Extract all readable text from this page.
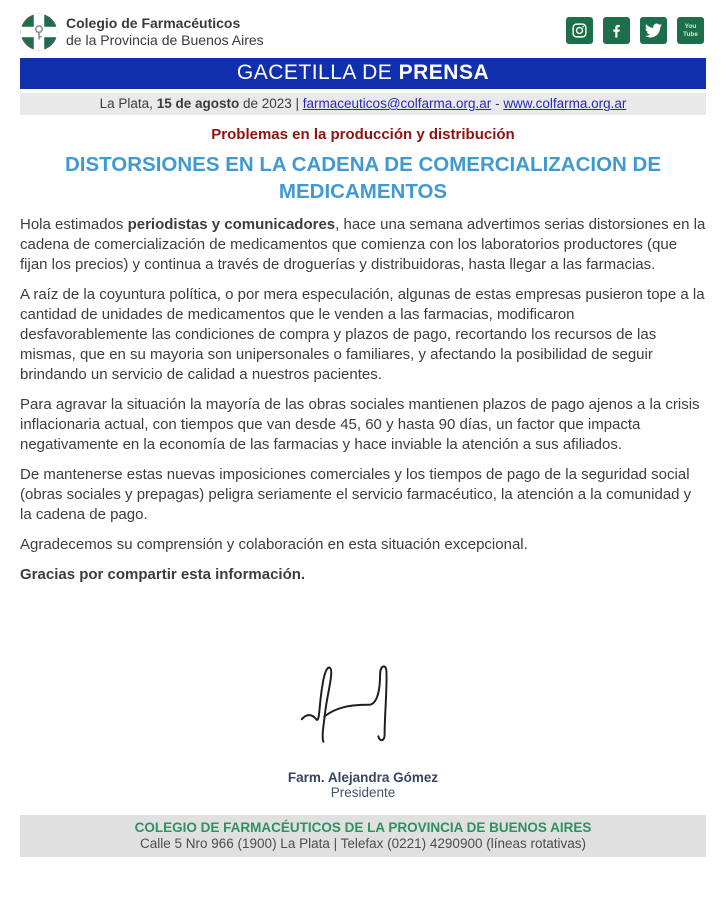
Colegio de Farmacéuticos
de la Provincia de Buenos Aires
You
Tube
GACETILLA DE PRENSA
La Plata, 15 de agosto de 2023 | farmaceuticos@colfarma.org.ar - www.colfarma.org.ar
Problemas en la producción y distribución
DISTORSIONES EN LA CADENA DE COMERCIALIZACION DE MEDICAMENTOS

Hola estimados periodistas y comunicadores, hace una semana advertimos serias distorsiones en la cadena de comercialización de medicamentos que comienza con los laboratorios productores (que fijan los precios) y continua a través de droguerías y distribuidoras, hasta llegar a las farmacias.

A raíz de la coyuntura política, o por mera especulación, algunas de estas empresas pusieron tope a la cantidad de unidades de medicamentos que le venden a las farmacias, modificaron desfavorablemente las condiciones de compra y plazos de pago, recortando los recursos de las mismas, que en su mayoria son unipersonales o familiares, y afectando la posibilidad de seguir brindando un servicio de calidad a nuestros pacientes.

Para agravar la situación la mayoría de las obras sociales mantienen plazos de pago ajenos a la crisis inflacionaria actual, con tiempos que van desde 45, 60 y hasta 90 días, un factor que impacta negativamente en la economía de las farmacias y hace inviable la atención a sus afiliados.

De mantenerse estas nuevas imposiciones comerciales y los tiempos de pago de la seguridad social (obras sociales y prepagas) peligra seriamente el servicio farmacéutico, la atención a la comunidad y la cadena de pago.

Agradecemos su comprensión y colaboración en esta situación excepcional.

Gracias por compartir esta información.

Farm. Alejandra Gómez
Presidente
COLEGIO DE FARMACÉUTICOS DE LA PROVINCIA DE BUENOS AIRES
Calle 5 Nro 966 (1900) La Plata | Telefax (0221) 4290900 (líneas rotativas)
